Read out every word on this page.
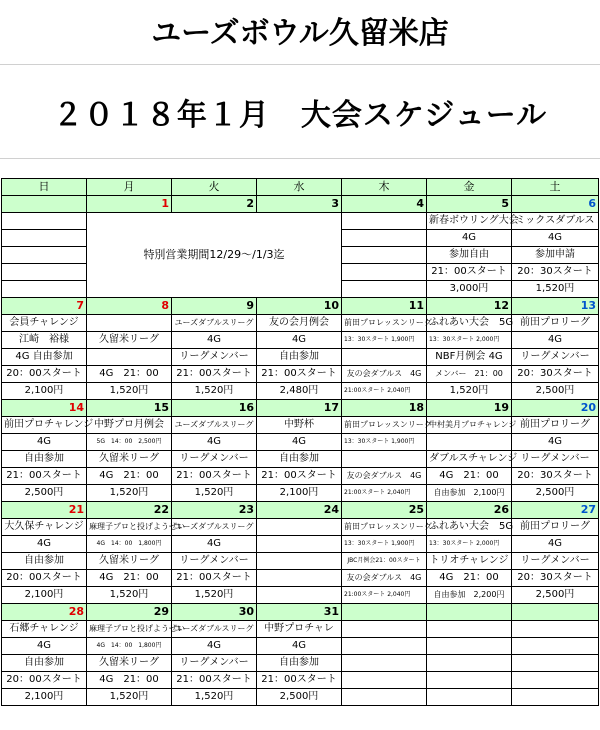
ユーズボウル久留米店
２０１８年１月　大会スケジュール
日	月	火	水	木	金	土
	1	2	3	4	5	6
	特別営業期間12/29～/1/3迄				新春ボウリング大会	ミックスダブルス
					4G	4G
					参加自由	参加申請
					21：00スタート	20：30スタート
					3,000円	1,520円
7	8	9	10	11	12	13
会員チャレンジ		ユーズダブルスリーグ	友の会月例会	前田プロレッスンリーグ	ふれあい大会　5G	前田プロリーグ
江崎　裕様	久留米リーグ	4G	4G	13：30スタート 1,900円	13：30スタート 2,000円	4G
4G 自由参加		リーグメンバー	自由参加		NBF月例会 4G	リーグメンバー
20：00スタート	4G　21：00	21：00スタート	21：00スタート	友の会ダブルス　4G	メンバー　21：00	20：30スタート
2,100円	1,520円	1,520円	2,480円	21:00スタート 2,040円	1,520円	2,500円
14	15	16	17	18	19	20
前田プロチャレンジ	中野プロ月例会	ユーズダブルスリーグ	中野杯	前田プロレッスンリーグ	中村美月プロチャレンジ	前田プロリーグ
4G	5G　14：00　2,500円	4G	4G	13：30スタート 1,900円		4G
自由参加	久留米リーグ	リーグメンバー	自由参加		ダブルスチャレンジ	リーグメンバー
21：00スタート	4G　21：00	21：00スタート	21：00スタート	友の会ダブルス　4G	4G　21：00	20：30スタート
2,500円	1,520円	1,520円	2,100円	21:00スタート 2,040円	自由参加　2,100円	2,500円
21	22	23	24	25	26	27
大久保チャレンジ	麻理子プロと投げようぜい	ユーズダブルスリーグ		前田プロレッスンリーグ	ふれあい大会　5G	前田プロリーグ
4G	4G　14：00　1,800円	4G		13：30スタート 1,900円	13：30スタート 2,000円	4G
自由参加	久留米リーグ	リーグメンバー		JBC月例会21：00スタート	トリオチャレンジ	リーグメンバー
20：00スタート	4G　21：00	21：00スタート		友の会ダブルス　4G	4G　21：00	20：30スタート
2,100円	1,520円	1,520円		21:00スタート 2,040円	自由参加　2,200円	2,500円
28	29	30	31			
石郷チャレンジ	麻理子プロと投げようぜい	ユーズダブルスリーグ	中野プロチャレ			
4G	4G　14：00　1,800円	4G	4G			
自由参加	久留米リーグ	リーグメンバー	自由参加			
20：00スタート	4G　21：00	21：00スタート	21：00スタート			
2,100円	1,520円	1,520円	2,500円			
